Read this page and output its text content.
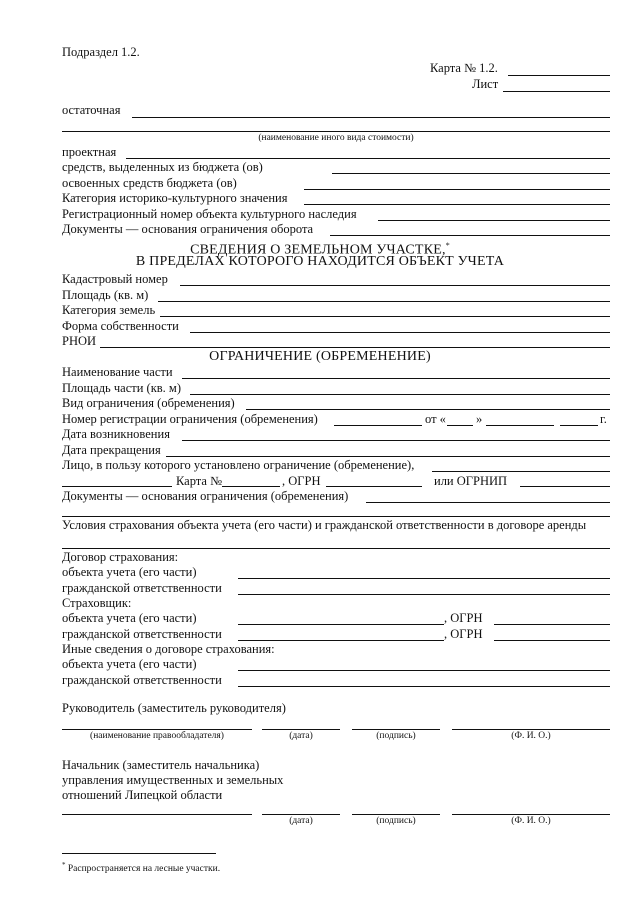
Подраздел 1.2.
Карта № 1.2.
Лист
остаточная
(наименование иного вида стоимости)
проектная
средств, выделенных из бюджета (ов)
освоенных средств бюджета (ов)
Категория историко-культурного значения
Регистрационный номер объекта культурного наследия
Документы — основания ограничения оборота
СВЕДЕНИЯ О ЗЕМЕЛЬНОМ УЧАСТКЕ,*
В ПРЕДЕЛАХ КОТОРОГО НАХОДИТСЯ ОБЪЕКТ УЧЕТА
Кадастровый номер
Площадь (кв. м)
Категория земель
Форма собственности
РНОИ
ОГРАНИЧЕНИЕ (ОБРЕМЕНЕНИЕ)
Наименование части
Площадь части (кв. м)
Вид ограничения (обременения)
Номер регистрации ограничения (обременения)	от « »	г.
Дата возникновения
Дата прекращения
Лицо, в пользу которого установлено ограничение (обременение),
Карта №	, ОГРН	или ОГРНИП
Документы — основания ограничения (обременения)
Условия страхования объекта учета (его части) и гражданской ответственности в договоре аренды
Договор страхования:
объекта учета (его части)
гражданской ответственности
Страховщик:
объекта учета (его части)	, ОГРН
гражданской ответственности	, ОГРН
Иные сведения о договоре страхования:
объекта учета (его части)
гражданской ответственности
Руководитель (заместитель руководителя)
(наименование правообладателя)	(дата)	(подпись)	(Ф. И. О.)
Начальник (заместитель начальника)
управления имущественных и земельных
отношений Липецкой области
(дата)	(подпись)	(Ф. И. О.)
* Распространяется на лесные участки.
